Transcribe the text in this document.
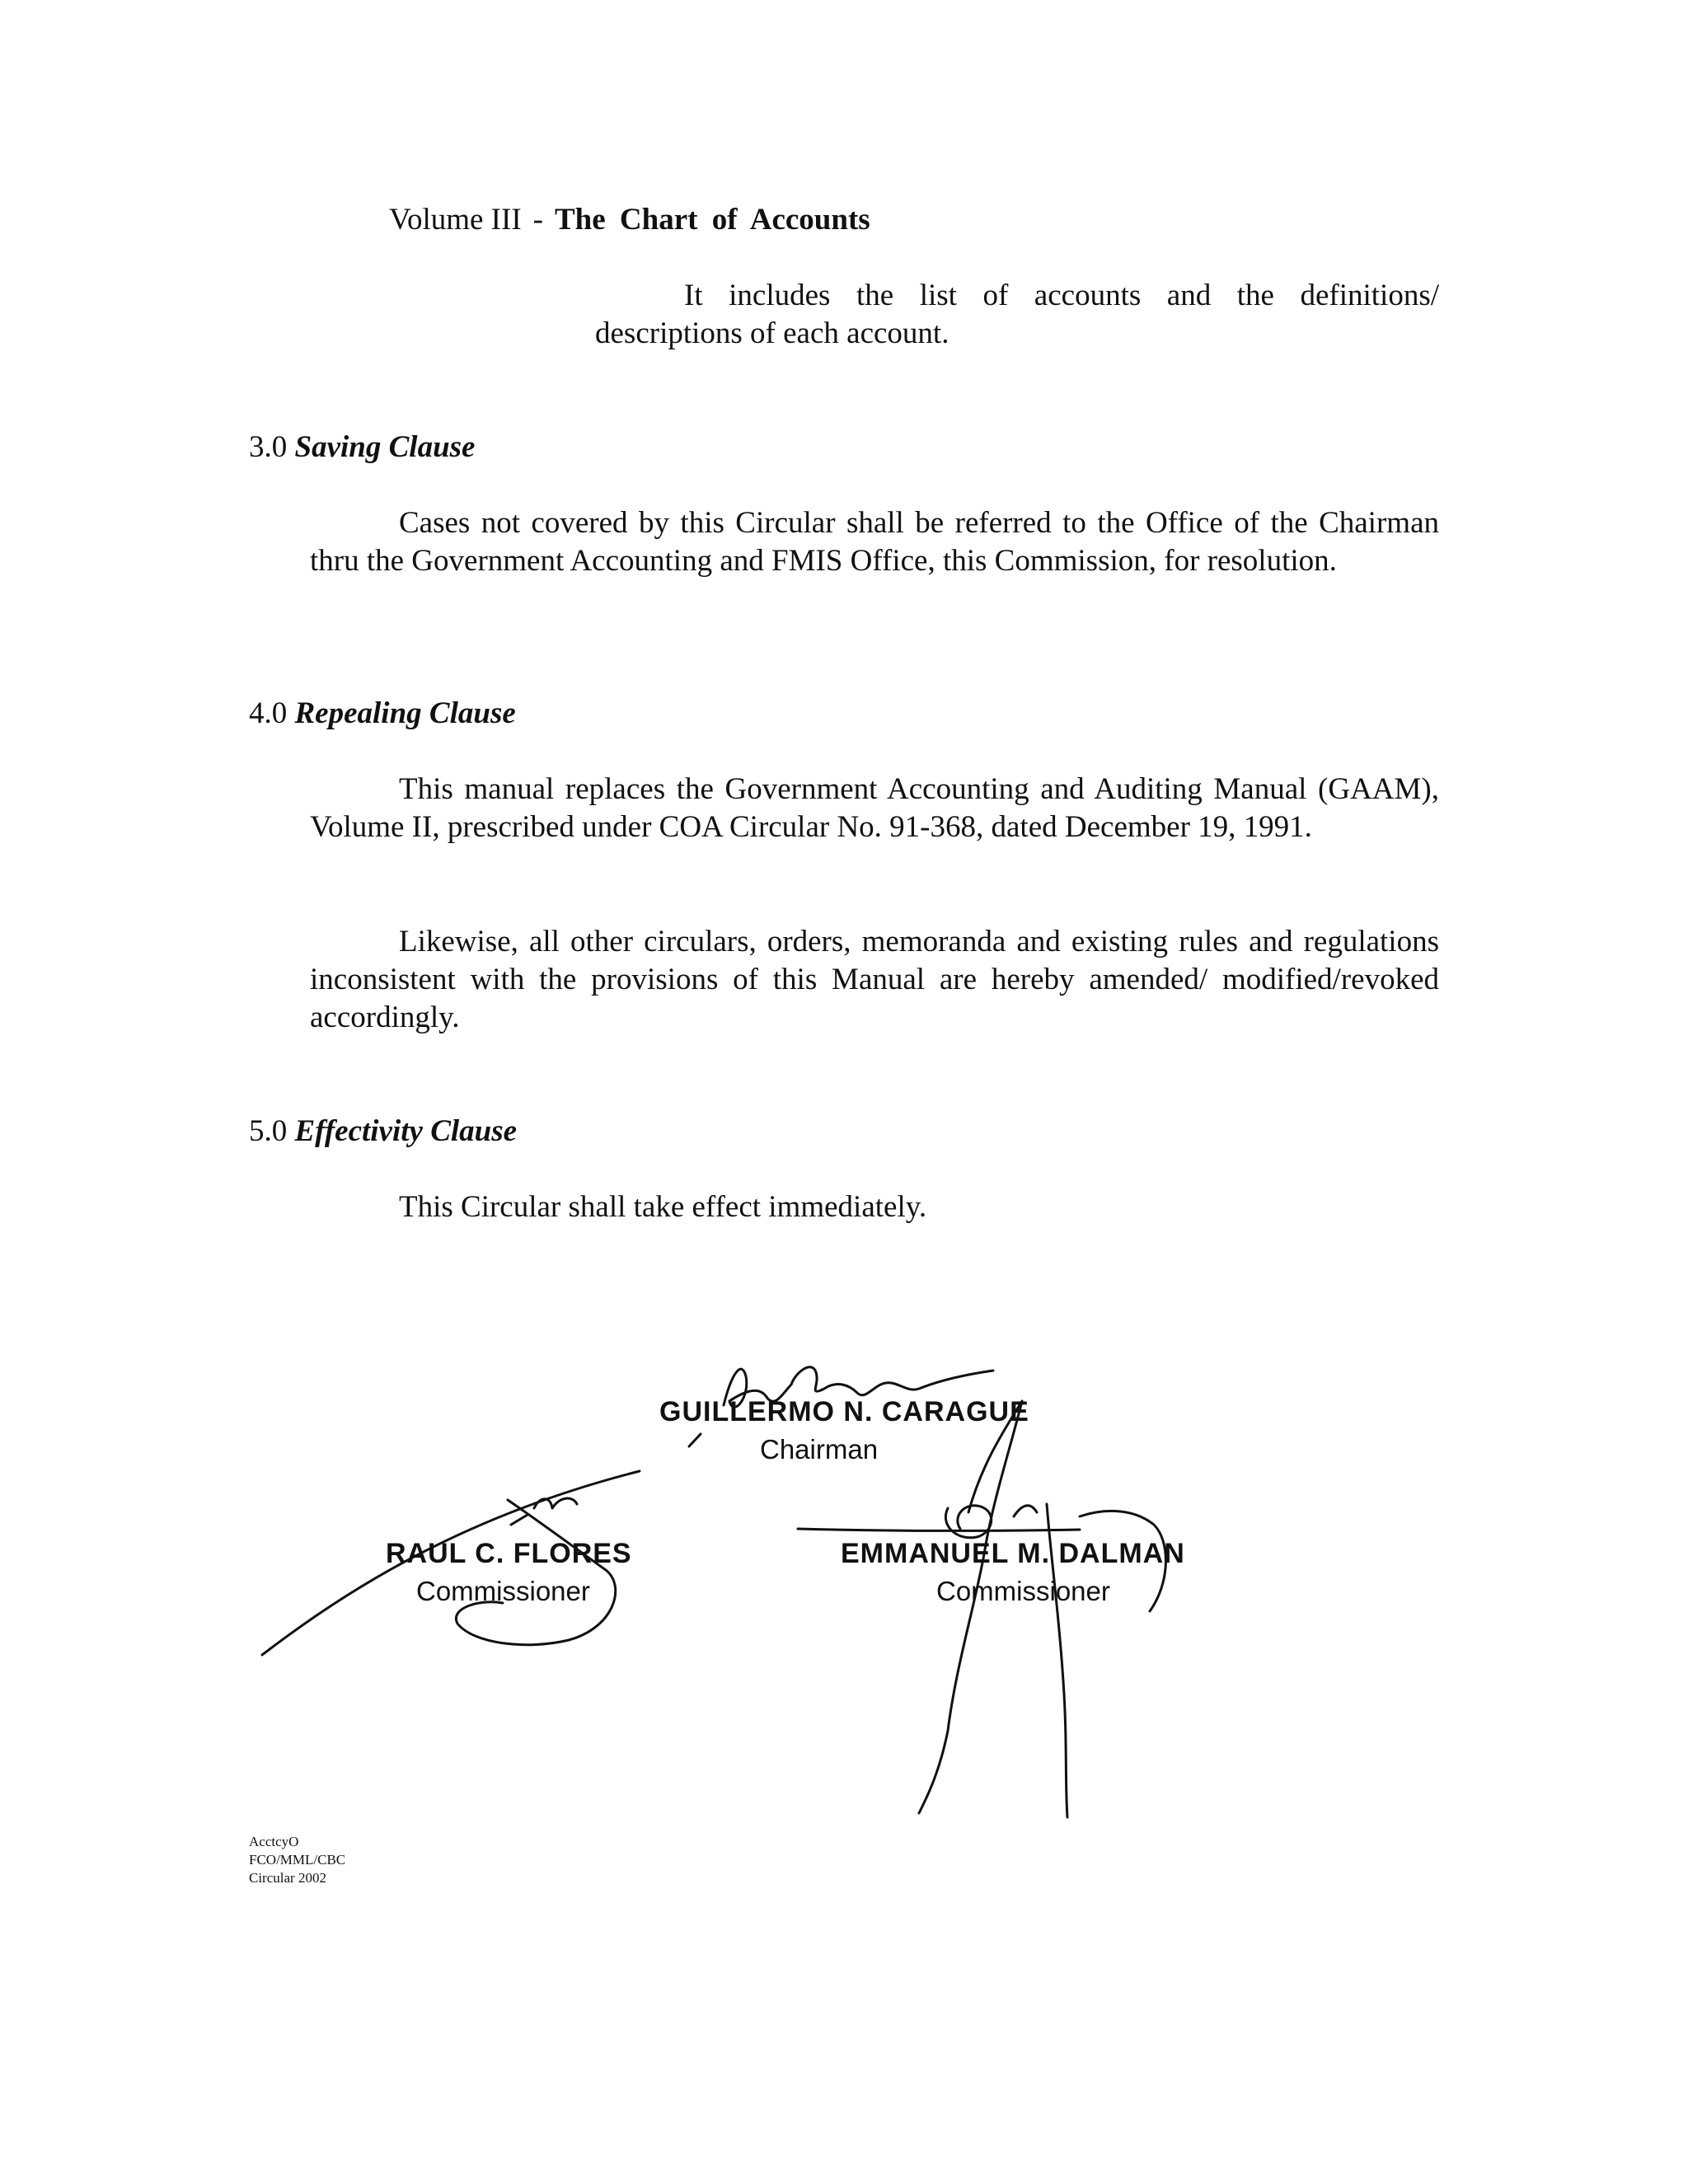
Volume III - The Chart of Accounts
It includes the list of accounts and the definitions/ descriptions of each account.
3.0 Saving Clause
Cases not covered by this Circular shall be referred to the Office of the Chairman thru the Government Accounting and FMIS Office, this Commission, for resolution.
4.0 Repealing Clause
This manual replaces the Government Accounting and Auditing Manual (GAAM), Volume II, prescribed under COA Circular No. 91-368, dated December 19, 1991.
Likewise, all other circulars, orders, memoranda and existing rules and regulations inconsistent with the provisions of this Manual are hereby amended/ modified/revoked accordingly.
5.0 Effectivity Clause
This Circular shall take effect immediately.
GUILLERMO N. CARAGUE
Chairman
RAUL C. FLORES
Commissioner
EMMANUEL M. DALMAN
Commissioner
AcctcyO
FCO/MML/CBC
Circular 2002
